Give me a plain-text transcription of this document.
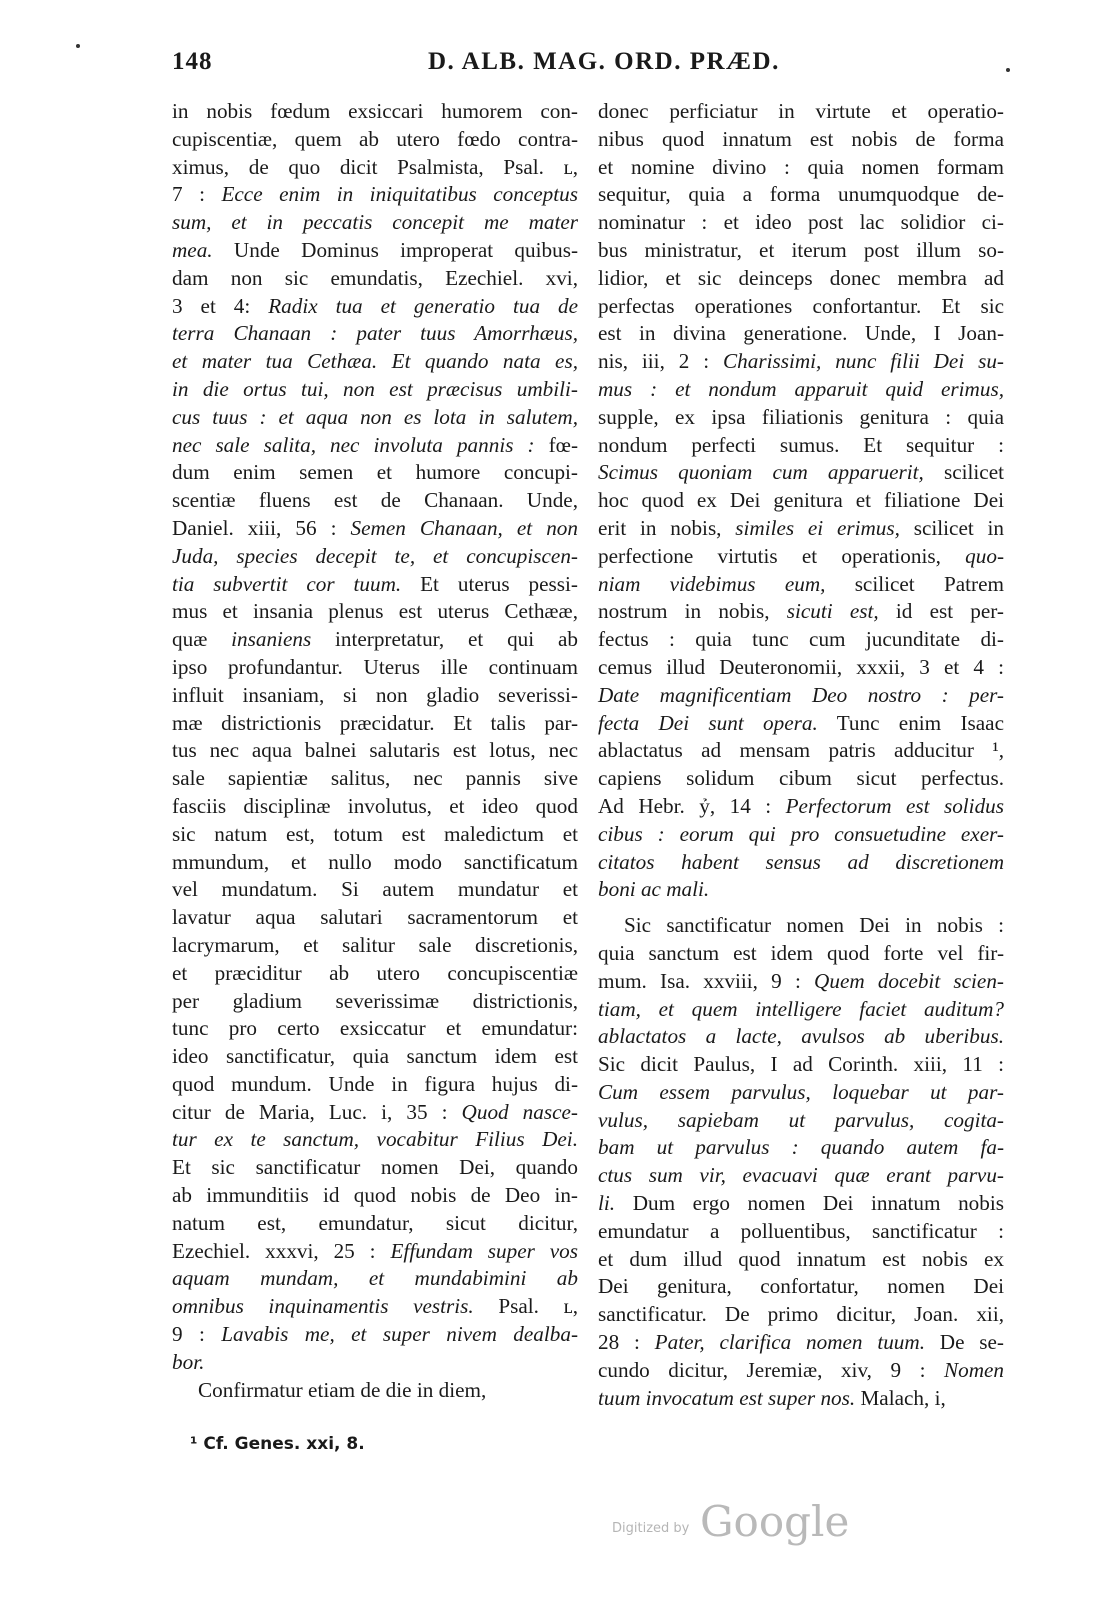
148	D. ALB. MAG. ORD. PRÆD.
in nobis fœdum exsiccari humorem con-
cupiscentiæ, quem ab utero fœdo contra-
ximus, de quo dicit Psalmista, Psal. ʟ,
7 : Ecce enim in iniquitatibus conceptus
sum, et in peccatis concepit me mater
mea. Unde Dominus improperat quibus-
dam non sic emundatis, Ezechiel. xvi,
3 et 4: Radix tua et generatio tua de
terra Chanaan : pater tuus Amorrhæus,
et mater tua Cethæa. Et quando nata es,
in die ortus tui, non est præcisus umbili-
cus tuus : et aqua non es lota in salutem,
nec sale salita, nec involuta pannis : fœ-
dum enim semen et humore concupi-
scentiæ fluens est de Chanaan. Unde,
Daniel. xiii, 56 : Semen Chanaan, et non
Juda, species decepit te, et concupiscen-
tia subvertit cor tuum. Et uterus pessi-
mus et insania plenus est uterus Cethææ,
quæ insaniens interpretatur, et qui ab
ipso profundantur. Uterus ille continuam
influit insaniam, si non gladio severissi-
mæ districtionis præcidatur. Et talis par-
tus nec aqua balnei salutaris est lotus, nec
sale sapientiæ salitus, nec pannis sive
fasciis disciplinæ involutus, et ideo quod
sic natum est, totum est maledictum et
mmundum, et nullo modo sanctificatum
vel mundatum. Si autem mundatur et
lavatur aqua salutari sacramentorum et
lacrymarum, et salitur sale discretionis,
et præciditur ab utero concupiscentiæ
per gladium severissimæ districtionis,
tunc pro certo exsiccatur et emundatur:
ideo sanctificatur, quia sanctum idem est
quod mundum. Unde in figura hujus di-
citur de Maria, Luc. i, 35 : Quod nasce-
tur ex te sanctum, vocabitur Filius Dei.
Et sic sanctificatur nomen Dei, quando
ab immunditiis id quod nobis de Deo in-
natum est, emundatur, sicut dicitur,
Ezechiel. xxxvi, 25 : Effundam super vos
aquam mundam, et mundabimini ab
omnibus inquinamentis vestris. Psal. ʟ,
9 : Lavabis me, et super nivem dealba-
bor.
Confirmatur etiam de die in diem,
donec perficiatur in virtute et operatio-
nibus quod innatum est nobis de forma
et nomine divino : quia nomen formam
sequitur, quia a forma unumquodque de-
nominatur : et ideo post lac solidior ci-
bus ministratur, et iterum post illum so-
lidior, et sic deinceps donec membra ad
perfectas operationes confortantur. Et sic
est in divina generatione. Unde, I Joan-
nis, iii, 2 : Charissimi, nunc filii Dei su-
mus : et nondum apparuit quid erimus,
supple, ex ipsa filiationis genitura : quia
nondum perfecti sumus. Et sequitur :
Scimus quoniam cum apparuerit, scilicet
hoc quod ex Dei genitura et filiatione Dei
erit in nobis, similes ei erimus, scilicet in
perfectione virtutis et operationis, quo-
niam videbimus eum, scilicet Patrem
nostrum in nobis, sicuti est, id est per-
fectus : quia tunc cum jucunditate di-
cemus illud Deuteronomii, xxxii, 3 et 4 :
Date magnificentiam Deo nostro : per-
fecta Dei sunt opera. Tunc enim Isaac
ablactatus ad mensam patris adducitur ¹,
capiens solidum cibum sicut perfectus.
Ad Hebr. ỷ, 14 : Perfectorum est solidus
cibus : eorum qui pro consuetudine exer-
citatos habent sensus ad discretionem
boni ac mali.
Sic sanctificatur nomen Dei in nobis :
quia sanctum est idem quod forte vel fir-
mum. Isa. xxviii, 9 : Quem docebit scien-
tiam, et quem intelligere faciet auditum?
ablactatos a lacte, avulsos ab uberibus.
Sic dicit Paulus, I ad Corinth. xiii, 11 :
Cum essem parvulus, loquebar ut par-
vulus, sapiebam ut parvulus, cogita-
bam ut parvulus : quando autem fa-
ctus sum vir, evacuavi quæ erant parvu-
li. Dum ergo nomen Dei innatum nobis
emundatur a polluentibus, sanctificatur :
et dum illud quod innatum est nobis ex
Dei genitura, confortatur, nomen Dei
sanctificatur. De primo dicitur, Joan. xii,
28 : Pater, clarifica nomen tuum. De se-
cundo dicitur, Jeremiæ, xiv, 9 : Nomen
tuum invocatum est super nos. Malach, i,
¹ Cf. Genes. xxi, 8.
Digitized by Google
